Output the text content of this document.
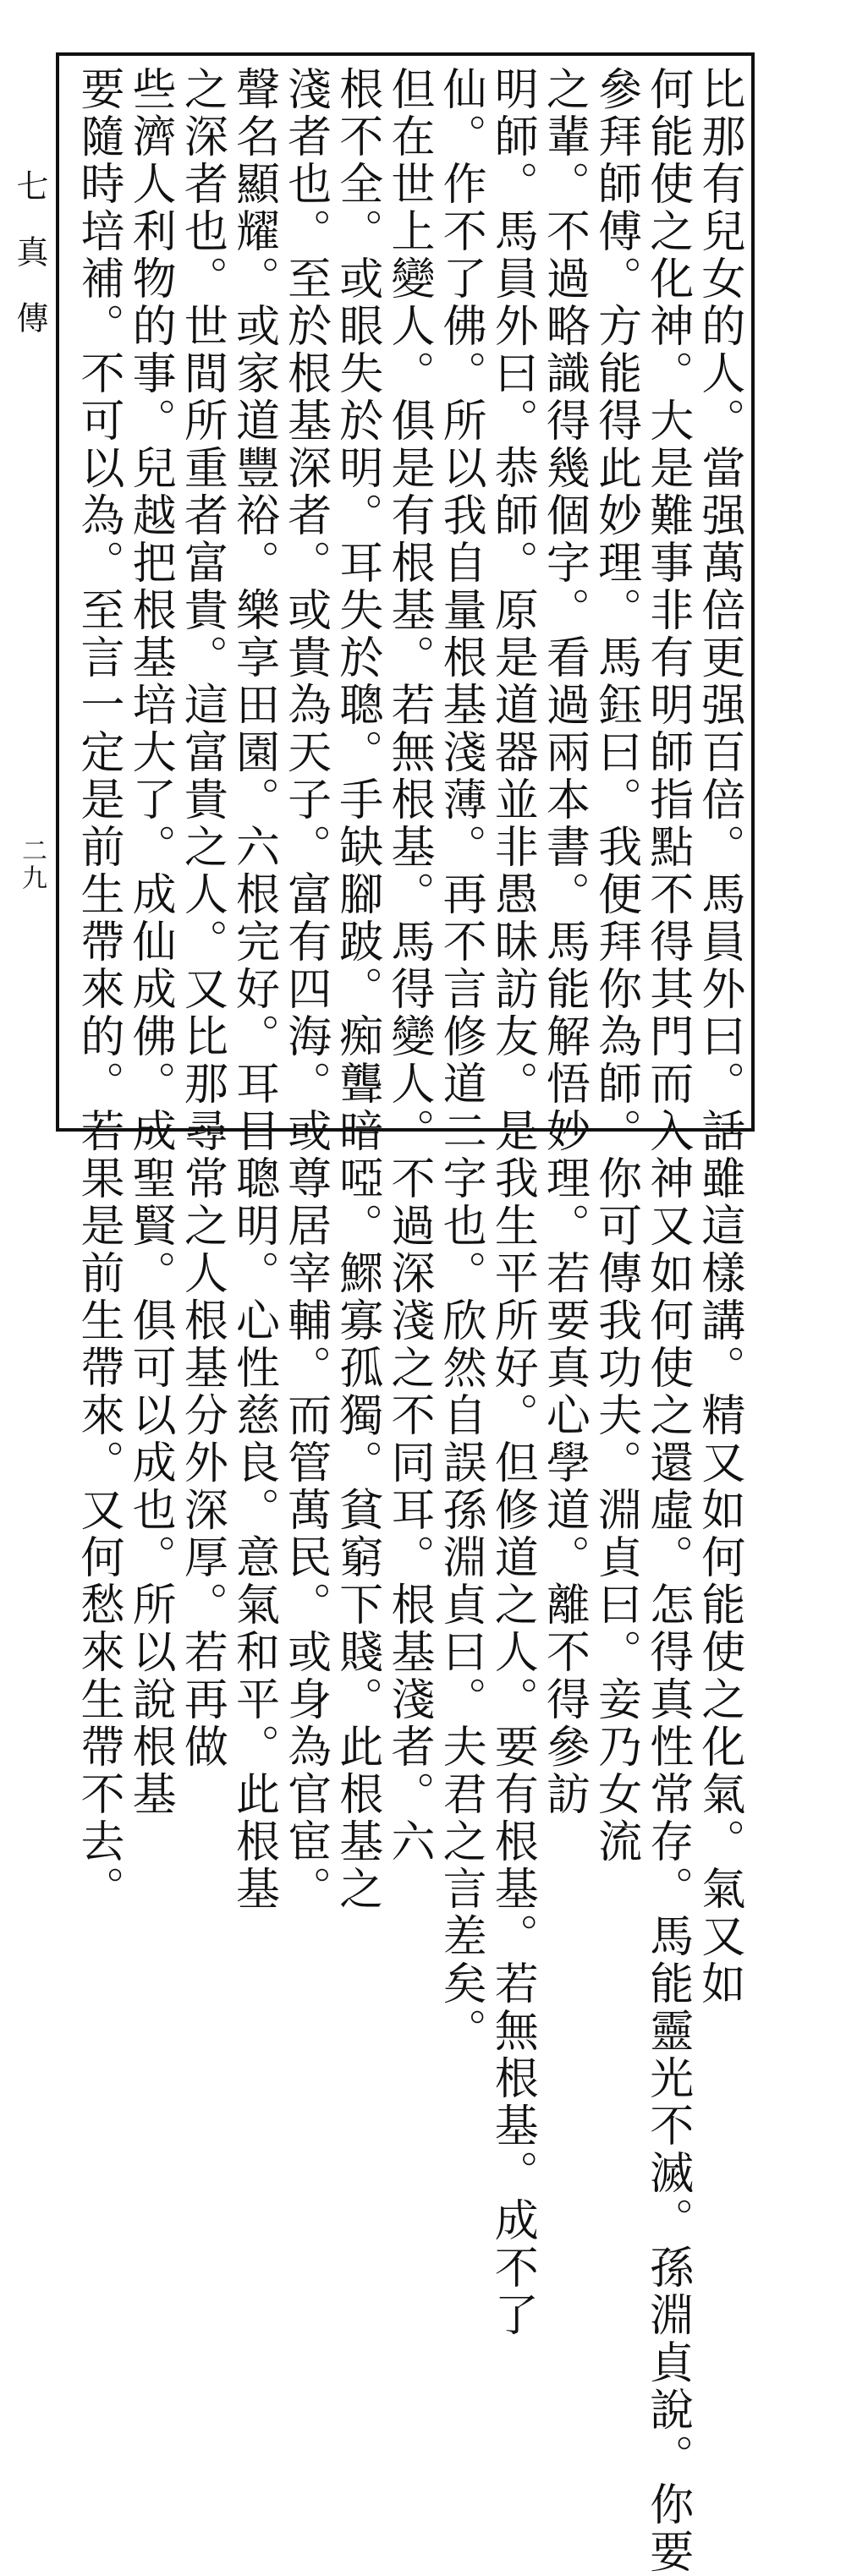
七真傳
二九	比那有兒女的人。當强萬倍更强百倍。馬員外曰。話雖這樣講。精又如何能使之化氣。氣又如
何能使之化神。大是難事非有明師指點不得其門而入神又如何使之還虛。怎得真性常存。馬能靈光不滅。孫淵貞說。你要
參拜師傅。方能得此妙理。馬鈺曰。我便拜你為師。你可傳我功夫。淵貞曰。妾乃女流
之輩。不過略識得幾個字。看過兩本書。馬能解悟妙理。若要真心學道。離不得參訪
明師。馬員外曰。恭師。原是道器並非愚昧訪友。是我生平所好。但修道之人。要有根基。若無根基。成不了
仙。作不了佛。所以我自量根基淺薄。再不言修道二字也。欣然自誤孫淵貞曰。夫君之言差矣。
但在世上變人。俱是有根基。若無根基。馬得變人。不過深淺之不同耳。根基淺者。六
根不全。或眼失於明。耳失於聰。手缺腳跛。痴聾暗啞。鰥寡孤獨。貧窮下賤。此根基之
淺者也。至於根基深者。或貴為天子。富有四海。或尊居宰輔。而管萬民。或身為官宦。
聲名顯耀。或家道豐裕。樂享田園。六根完好。耳目聰明。心性慈良。意氣和平。此根基
之深者也。世間所重者富貴。這富貴之人。又比那尋常之人根基分外深厚。若再做
些濟人利物的事。兒越把根基培大了。成仙成佛。成聖賢。俱可以成也。所以說根基
要隨時培補。不可以為。至言一定是前生帶來的。若果是前生帶來。又何愁來生帶不去。
